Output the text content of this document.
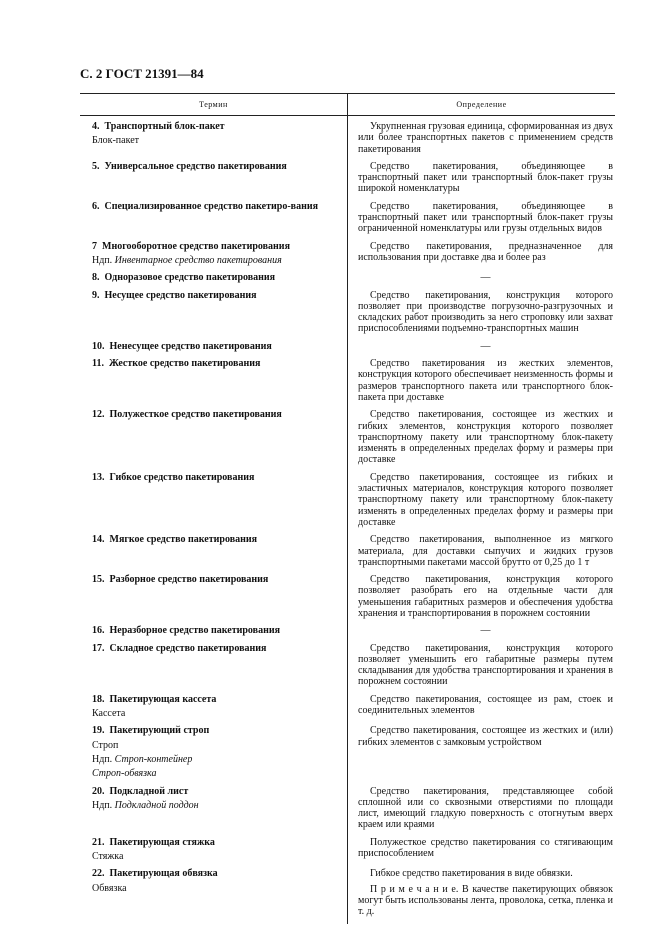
С. 2 ГОСТ 21391—84
Термин	Определение

4. Транспортный блок-пакет
Блок-пакет	Укрупненная грузовая единица, сформированная из двух или более транспортных пакетов с применением средств пакетирования

5. Универсальное средство пакетирования	Средство пакетирования, объединяющее в транспортный пакет или транспортный блок-пакет грузы широкой номенклатуры

6. Специализированное средство пакетиро-вания	Средство пакетирования, объединяющее в транспортный пакет или транспортный блок-пакет грузы ограниченной номенклатуры или грузы отдельных видов

7 Многооборотное средство пакетирования
Ндп. Инвентарное средство пакетирования	Средство пакетирования, предназначенное для использования при доставке два и более раз

8. Одноразовое средство пакетирования	—

9. Несущее средство пакетирования	Средство пакетирования, конструкция которого позволяет при производстве погрузочно-разгрузочных и складских работ производить за него строповку или захват приспособлениями подъемно-транспортных машин

10. Ненесущее средство пакетирования	—

11. Жесткое средство пакетирования	Средство пакетирования из жестких элементов, конструкция которого обеспечивает неизменность формы и размеров транспортного пакета или транспортного блок-пакета при доставке

12. Полужесткое средство пакетирования	Средство пакетирования, состоящее из жестких и гибких элементов, конструкция которого позволяет транспортному пакету или транспортному блок-пакету изменять в определенных пределах форму и размеры при доставке

13. Гибкое средство пакетирования	Средство пакетирования, состоящее из гибких и эластичных материалов, конструкция которого позволяет транспортному пакету или транспортному блок-пакету изменять в определенных пределах форму и размеры при доставке

14. Мягкое средство пакетирования	Средство пакетирования, выполненное из мягкого материала, для доставки сыпучих и жидких грузов транспортными пакетами массой брутто от 0,25 до 1 т

15. Разборное средство пакетирования	Средство пакетирования, конструкция которого позволяет разобрать его на отдельные части для уменьшения габаритных размеров и обеспечения удобства хранения и транспортирования в порожнем состоянии

16. Неразборное средство пакетирования	—

17. Складное средство пакетирования	Средство пакетирования, конструкция которого позволяет уменьшить его габаритные размеры путем складывания для удобства транспортирования и хранения в порожнем состоянии

18. Пакетирующая кассета
Кассета	Средство пакетирования, состоящее из рам, стоек и соединительных элементов

19. Пакетирующий строп
Строп
Ндп. Строп-контейнер
Строп-обвязка	Средство пакетирования, состоящее из жестких и (или) гибких элементов с замковым устройством

20. Подкладной лист
Ндп. Подкладной поддон	Средство пакетирования, представляющее собой сплошной или со сквозными отверстиями по площади лист, имеющий гладкую поверхность с отогнутым вверх краем или краями

21. Пакетирующая стяжка
Стяжка	Полужесткое средство пакетирования со стягивающим приспособлением

22. Пакетирующая обвязка
Обвязка	Гибкое средство пакетирования в виде обвязки.
П р и м е ч а н и е. В качестве пакетирующих обвязок могут быть использованы лента, проволока, сетка, пленка и т. д.
